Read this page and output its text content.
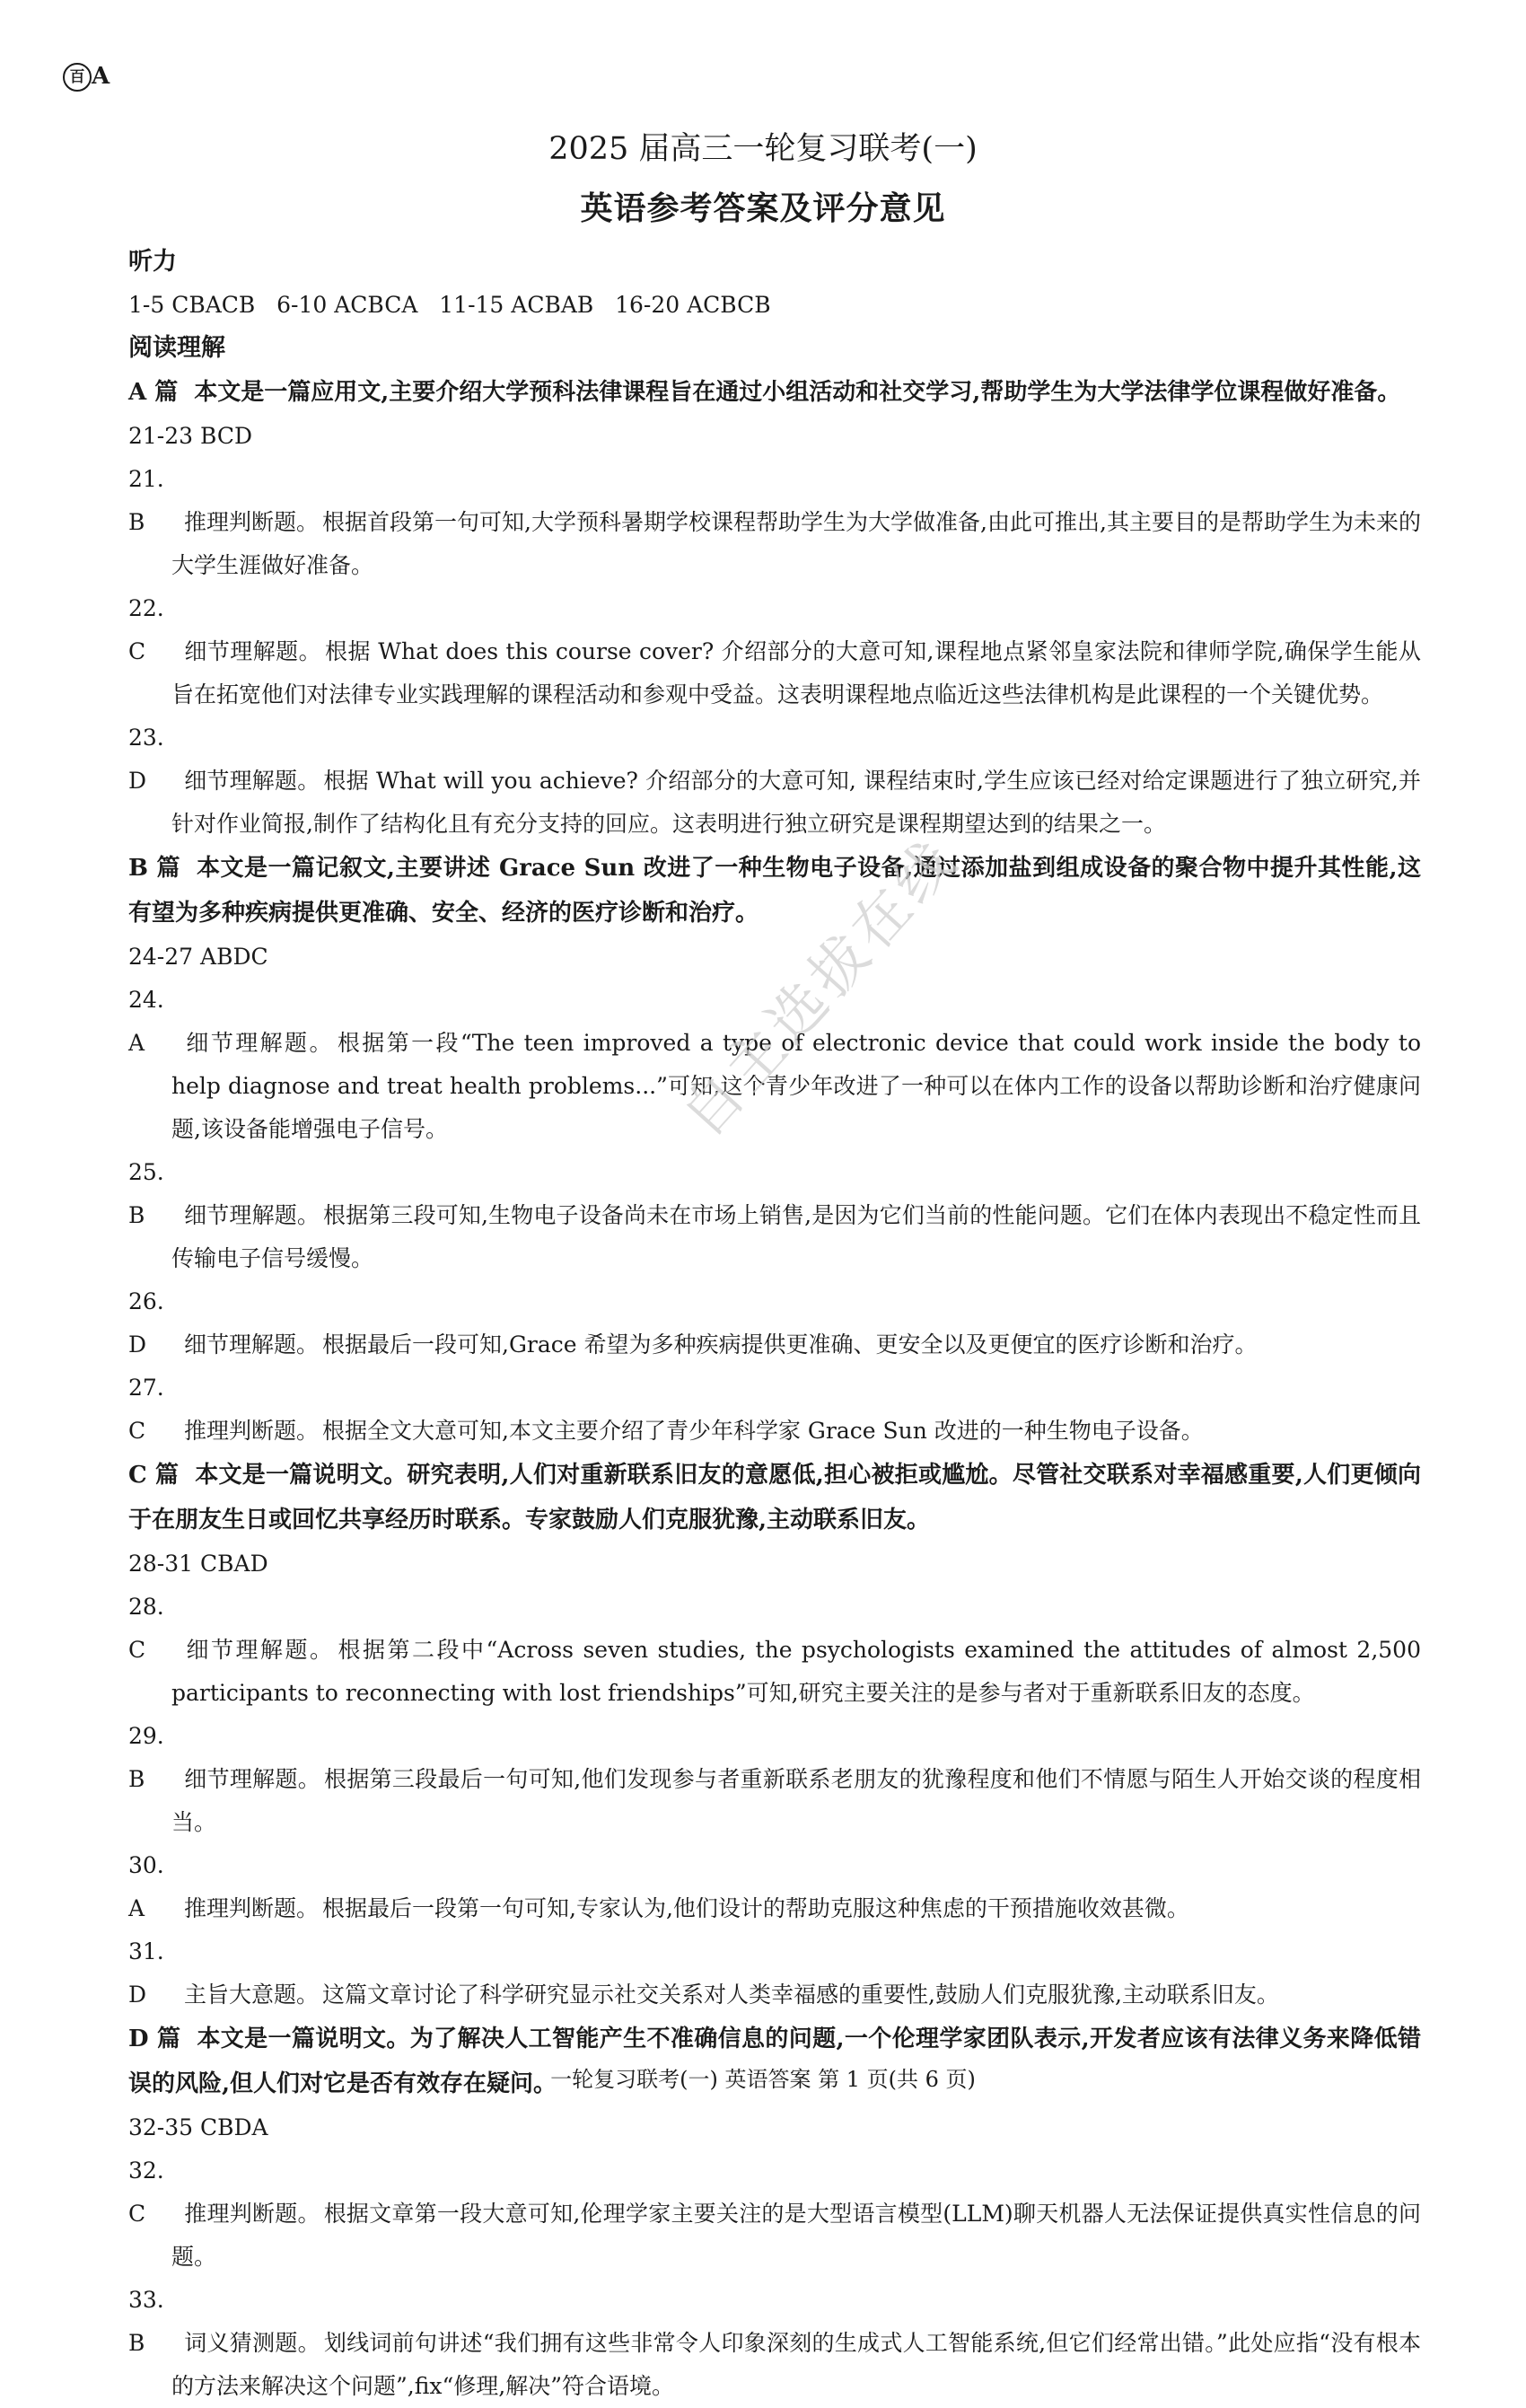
百 A
2025 届高三一轮复习联考(一)
英语参考答案及评分意见
听力
1-5 CBACB   6-10 ACBCA   11-15 ACBAB   16-20 ACBCB
阅读理解
A 篇 本文是一篇应用文,主要介绍大学预科法律课程旨在通过小组活动和社交学习,帮助学生为大学法律学位课程做好准备。
21-23 BCD
21. B 推理判断题。 根据首段第一句可知,大学预科暑期学校课程帮助学生为大学做准备,由此可推出,其主要目的是帮助学生为未来的大学生涯做好准备。
22. C 细节理解题。 根据 What does this course cover? 介绍部分的大意可知,课程地点紧邻皇家法院和律师学院,确保学生能从旨在拓宽他们对法律专业实践理解的课程活动和参观中受益。这表明课程地点临近这些法律机构是此课程的一个关键优势。
23. D 细节理解题。 根据 What will you achieve? 介绍部分的大意可知, 课程结束时,学生应该已经对给定课题进行了独立研究,并针对作业简报,制作了结构化且有充分支持的回应。这表明进行独立研究是课程期望达到的结果之一。
B 篇 本文是一篇记叙文,主要讲述 Grace Sun 改进了一种生物电子设备,通过添加盐到组成设备的聚合物中提升其性能,这有望为多种疾病提供更准确、安全、经济的医疗诊断和治疗。
24-27 ABDC
24. A 细节理解题。 根据第一段“The teen improved a type of electronic device that could work inside the body to help diagnose and treat health problems...”可知,这个青少年改进了一种可以在体内工作的设备以帮助诊断和治疗健康问题,该设备能增强电子信号。
25. B 细节理解题。 根据第三段可知,生物电子设备尚未在市场上销售,是因为它们当前的性能问题。它们在体内表现出不稳定性而且传输电子信号缓慢。
26. D 细节理解题。 根据最后一段可知,Grace 希望为多种疾病提供更准确、更安全以及更便宜的医疗诊断和治疗。
27. C 推理判断题。 根据全文大意可知,本文主要介绍了青少年科学家 Grace Sun 改进的一种生物电子设备。
C 篇 本文是一篇说明文。研究表明,人们对重新联系旧友的意愿低,担心被拒或尴尬。尽管社交联系对幸福感重要,人们更倾向于在朋友生日或回忆共享经历时联系。专家鼓励人们克服犹豫,主动联系旧友。
28-31 CBAD
28. C 细节理解题。 根据第二段中“Across seven studies, the psychologists examined the attitudes of almost 2,500 participants to reconnecting with lost friendships”可知,研究主要关注的是参与者对于重新联系旧友的态度。
29. B 细节理解题。 根据第三段最后一句可知,他们发现参与者重新联系老朋友的犹豫程度和他们不情愿与陌生人开始交谈的程度相当。
30. A 推理判断题。 根据最后一段第一句可知,专家认为,他们设计的帮助克服这种焦虑的干预措施收效甚微。
31. D 主旨大意题。 这篇文章讨论了科学研究显示社交关系对人类幸福感的重要性,鼓励人们克服犹豫,主动联系旧友。
D 篇 本文是一篇说明文。为了解决人工智能产生不准确信息的问题,一个伦理学家团队表示,开发者应该有法律义务来降低错误的风险,但人们对它是否有效存在疑问。
32-35 CBDA
32. C 推理判断题。 根据文章第一段大意可知,伦理学家主要关注的是大型语言模型(LLM)聊天机器人无法保证提供真实性信息的问题。
33. B 词义猜测题。 划线词前句讲述“我们拥有这些非常令人印象深刻的生成式人工智能系统,但它们经常出错。”此处应指“没有根本的方法来解决这个问题”,fix“修理,解决”符合语境。
自主选拔在线
一轮复习联考(一) 英语答案 第 1 页(共 6 页)
